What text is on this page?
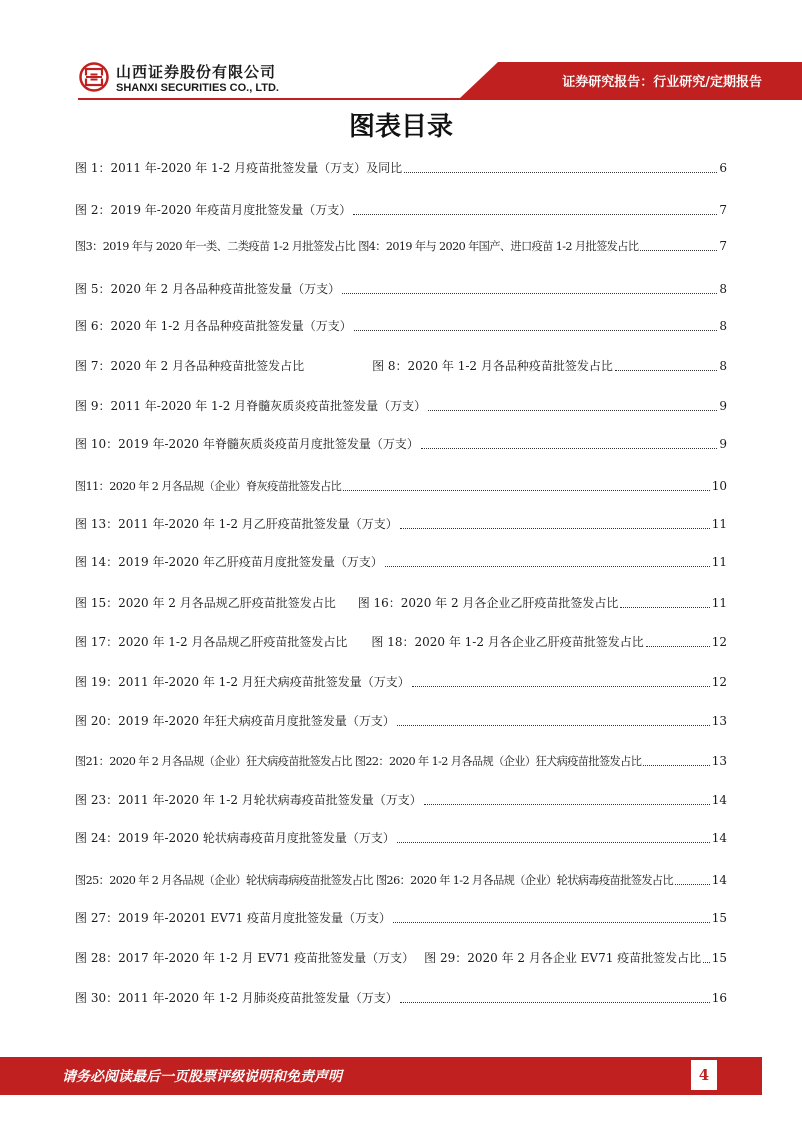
山西证券股份有限公司
SHANXI SECURITIES CO., LTD.	证券研究报告：行业研究/定期报告
图表目录
图 1：2011 年-2020 年 1-2 月疫苗批签发量（万支）及同比	6
图 2：2019 年-2020 年疫苗月度批签发量（万支）	7
图3：2019 年与 2020 年一类、二类疫苗 1-2 月批签发占比 图4：2019 年与 2020 年国产、进口疫苗 1-2 月批签发占比	7
图 5：2020 年 2 月各品种疫苗批签发量（万支）	8
图 6：2020 年 1-2 月各品种疫苗批签发量（万支）	8
图 7：2020 年 2 月各品种疫苗批签发占比	图 8：2020 年 1-2 月各品种疫苗批签发占比	8
图 9：2011 年-2020 年 1-2 月脊髓灰质炎疫苗批签发量（万支）	9
图 10：2019 年-2020 年脊髓灰质炎疫苗月度批签发量（万支）	9
图11：2020 年 2 月各品规（企业）脊灰疫苗批签发占比	10
图 13：2011 年-2020 年 1-2 月乙肝疫苗批签发量（万支）	11
图 14：2019 年-2020 年乙肝疫苗月度批签发量（万支）	11
图 15：2020 年 2 月各品规乙肝疫苗批签发占比 图 16：2020 年 2 月各企业乙肝疫苗批签发占比	11
图 17：2020 年 1-2 月各品规乙肝疫苗批签发占比 图 18：2020 年 1-2 月各企业乙肝疫苗批签发占比	12
图 19：2011 年-2020 年 1-2 月狂犬病疫苗批签发量（万支）	12
图 20：2019 年-2020 年狂犬病疫苗月度批签发量（万支）	13
图21：2020 年 2 月各品规（企业）狂犬病疫苗批签发占比 图22：2020 年 1-2 月各品规（企业）狂犬病疫苗批签发占比	13
图 23：2011 年-2020 年 1-2 月轮状病毒疫苗批签发量（万支）	14
图 24：2019 年-2020 轮状病毒疫苗月度批签发量（万支）	14
图25：2020 年 2 月各品规（企业）轮状病毒病疫苗批签发占比 图26：2020 年 1-2 月各品规（企业）轮状病毒疫苗批签发占比	14
图 27：2019 年-20201 EV71 疫苗月度批签发量（万支）	15
图 28：2017 年-2020 年 1-2 月 EV71 疫苗批签发量（万支） 图 29：2020 年 2 月各企业 EV71 疫苗批签发占比 15
图 30：2011 年-2020 年 1-2 月肺炎疫苗批签发量（万支）	16
请务必阅读最后一页股票评级说明和免责声明	4
